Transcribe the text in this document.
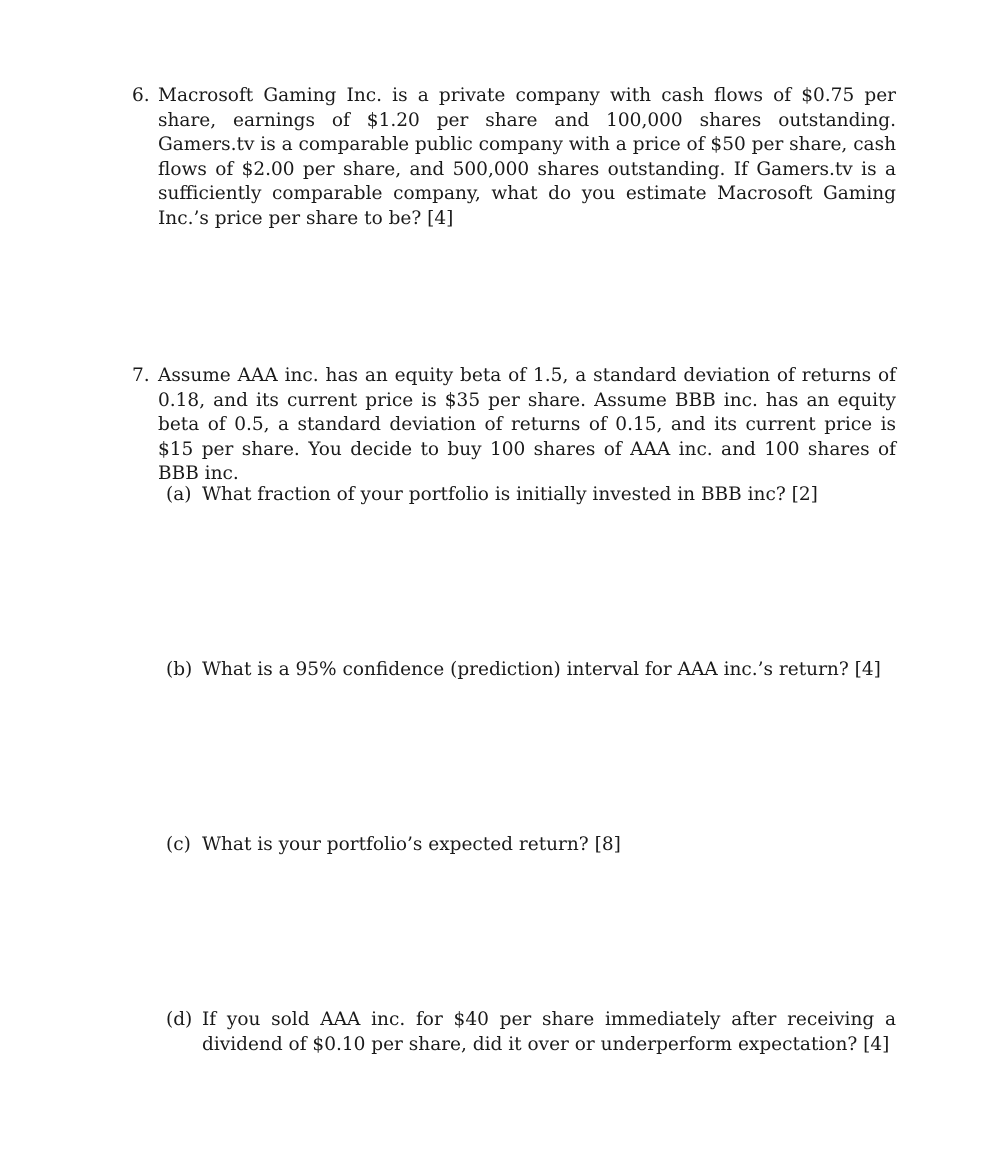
6. Macrosoft Gaming Inc. is a private company with cash flows of $0.75 per share, earnings of $1.20 per share and 100,000 shares outstanding. Gamers.tv is a comparable public company with a price of $50 per share, cash flows of $2.00 per share, and 500,000 shares outstanding. If Gamers.tv is a sufficiently comparable company, what do you estimate Macrosoft Gaming Inc.’s price per share to be? [4]
7. Assume AAA inc. has an equity beta of 1.5, a standard deviation of returns of 0.18, and its current price is $35 per share. Assume BBB inc. has an equity beta of 0.5, a standard deviation of returns of 0.15, and its current price is $15 per share. You decide to buy 100 shares of AAA inc. and 100 shares of BBB inc.
(a) What fraction of your portfolio is initially invested in BBB inc? [2]
(b) What is a 95% confidence (prediction) interval for AAA inc.’s return? [4]
(c) What is your portfolio’s expected return? [8]
(d) If you sold AAA inc. for $40 per share immediately after receiving a dividend of $0.10 per share, did it over or underperform expectation? [4]
